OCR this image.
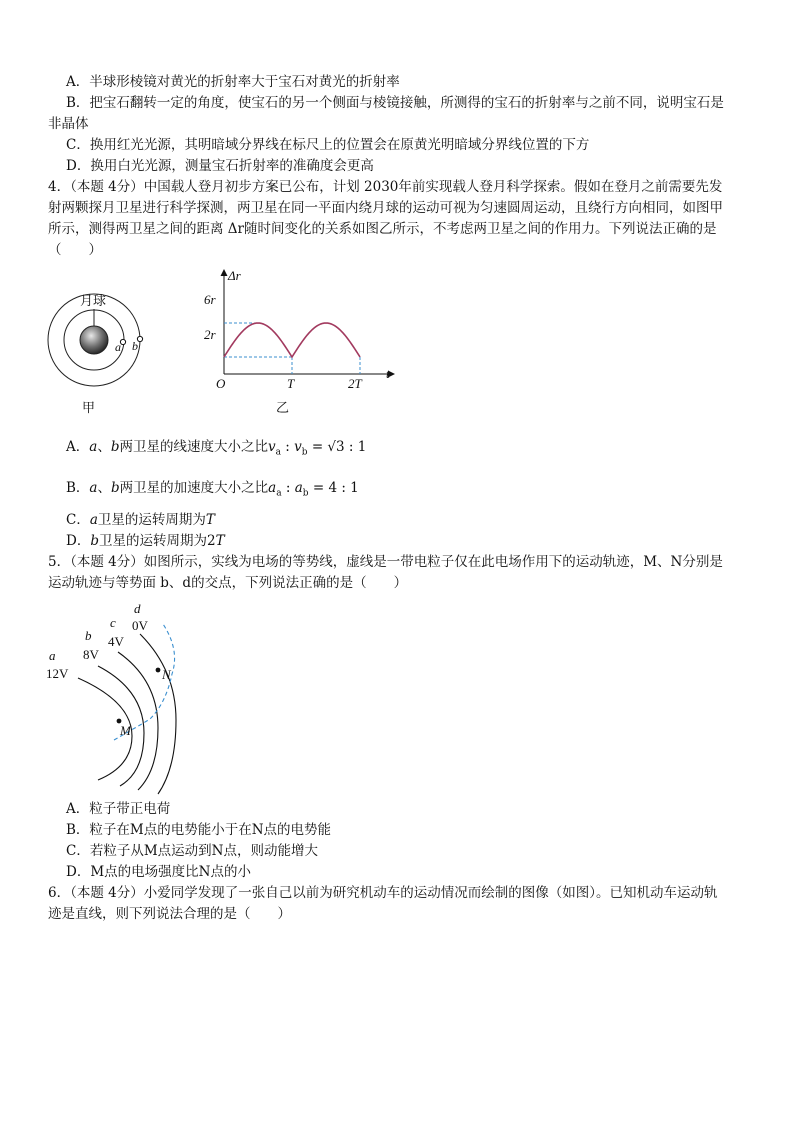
A．半球形棱镜对黄光的折射率大于宝石对黄光的折射率
B．把宝石翻转一定的角度，使宝石的另一个侧面与棱镜接触，所测得的宝石的折射率与之前不同，说明宝石是
非晶体
C．换用红光光源，其明暗域分界线在标尺上的位置会在原黄光明暗域分界线位置的下方
D．换用白光光源，测量宝石折射率的准确度会更高
4．（本题 4分）中国载人登月初步方案已公布，计划 2030年前实现载人登月科学探索。假如在登月之前需要先发
射两颗探月卫星进行科学探测，两卫星在同一平面内绕月球的运动可视为匀速圆周运动，且绕行方向相同，如图甲
所示，测得两卫星之间的距离 Δr随时间变化的关系如图乙所示，不考虑两卫星之间的作用力。下列说法正确的是
（　　）
月球
a b
甲
Δr
t
O
6r
2r
T	2T
乙
A．a、b两卫星的线速度大小之比$v_a$ : $v_b = √3$ : 1
B．a、b两卫星的加速度大小之比$a_a$ : $a_b = 4$ : 1
C．a卫星的运转周期为T
D．b卫星的运转周期为2T
5．（本题 4分）如图所示，实线为电场的等势线，虚线是一带电粒子仅在此电场作用下的运动轨迹，M、N分别是
运动轨迹与等势面 b、d的交点，下列说法正确的是（　　）
M
N
a
12V
b
8V
c
4V
d
0V
A．粒子带正电荷
B．粒子在M点的电势能小于在N点的电势能
C．若粒子从M点运动到N点，则动能增大
D．M点的电场强度比N点的小
6．（本题 4分）小爱同学发现了一张自己以前为研究机动车的运动情况而绘制的图像（如图）。已知机动车运动轨
迹是直线，则下列说法合理的是（　　）
